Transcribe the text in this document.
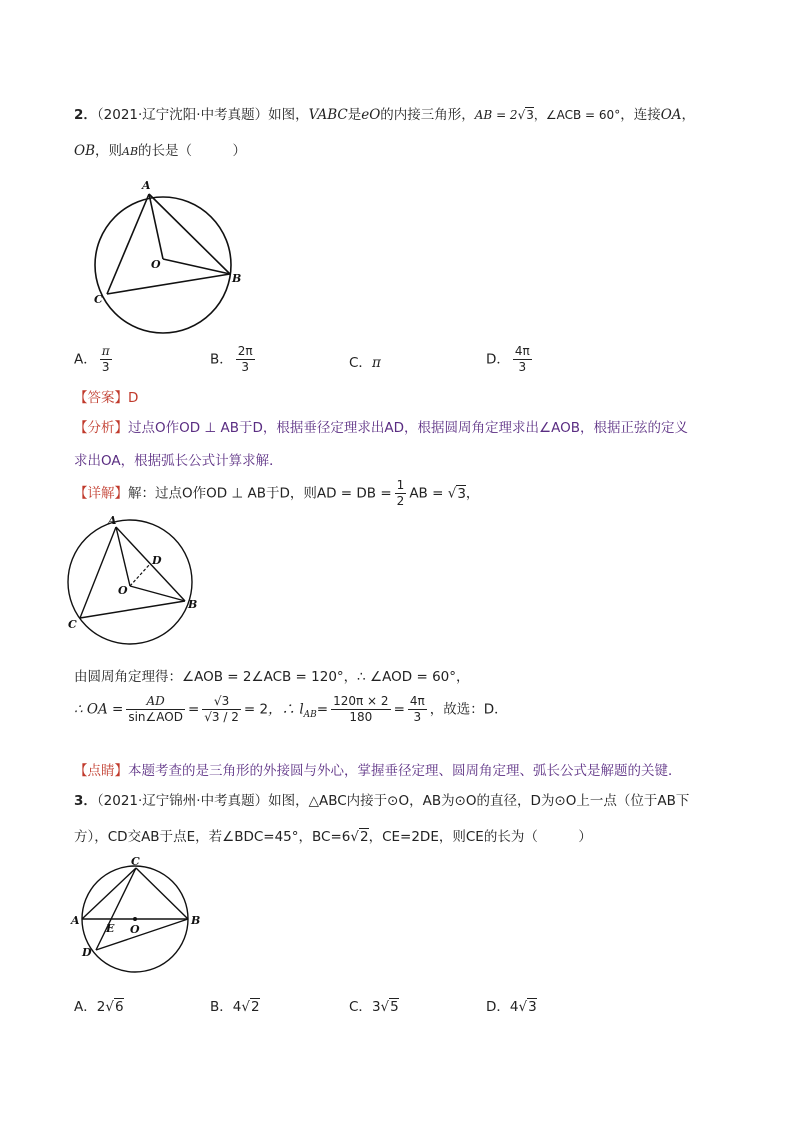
2．（2021·辽宁沈阳·中考真题）如图，VABC是eO的内接三角形，AB = 2√3，∠ACB = 60°，连接OA，
OB，则AB的长是（　　　）
A
B
C
O
A． $\frac{\pi}{3}$	B． $\frac{2\pi}{3}$	C．π	D． $\frac{4\pi}{3}$
【答案】D
【分析】过点O作OD ⊥ AB于D，根据垂径定理求出AD，根据圆周角定理求出∠AOB，根据正弦的定义
求出OA，根据弧长公式计算求解．
【详解】解：过点O作OD ⊥ AB于D，则AD = DB = $\frac{1}{2}$ AB = √3，
A
B
C
O
D
由圆周角定理得：∠AOB = 2∠ACB = 120°，∴ ∠AOD = 60°，
∴ OA = $\frac{AD}{\text{sin∠AOD}} = \frac{√3}{√3 / 2} = 2$，∴ $l_{AB}= \frac{120\pi \times 2}{180} = \frac{4\pi}{3}$ ，故选：D．
【点睛】本题考查的是三角形的外接圆与外心，掌握垂径定理、圆周角定理、弧长公式是解题的关键．
3．（2021·辽宁锦州·中考真题）如图，△ABC内接于⊙O，AB为⊙O的直径，D为⊙O上一点（位于AB下
方），CD交AB于点E，若∠BDC=45°，BC=6√2，CE=2DE，则CE的长为（　　　）
A	B
C
D
E O
A．2√6	B．4√2	C．3√5	D．4√3
